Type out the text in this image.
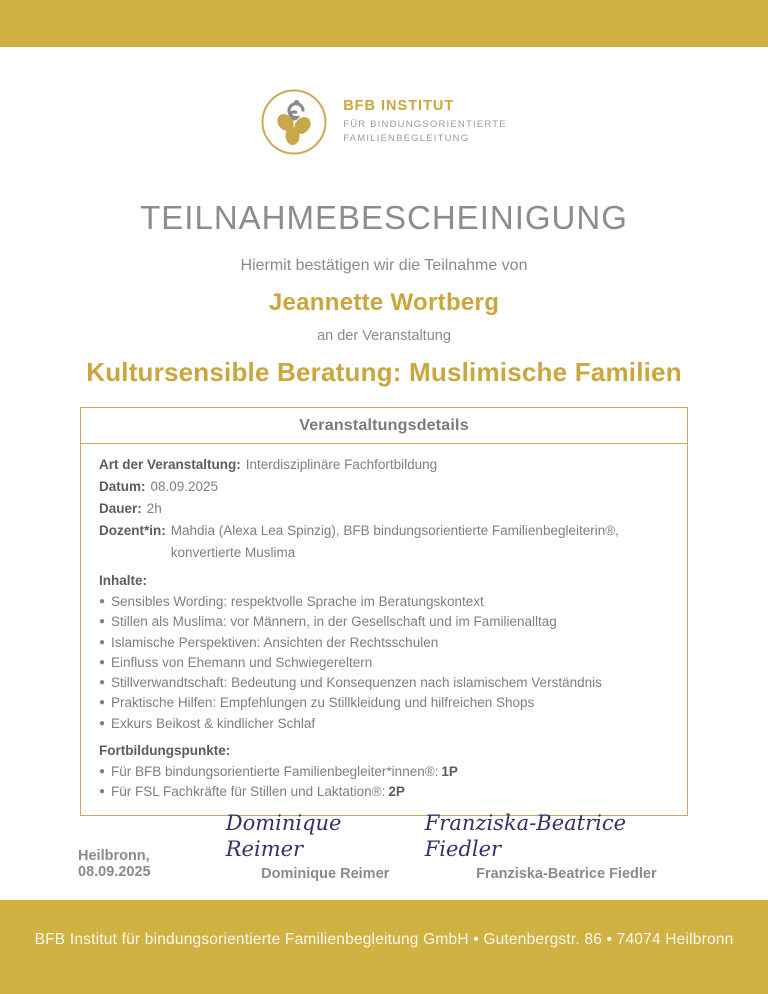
BFB INSTITUT
FÜR BINDUNGSORIENTIERTE
FAMILIENBEGLEITUNG
TEILNAHMEBESCHEINIGUNG
Hiermit bestätigen wir die Teilnahme von
Jeannette Wortberg
an der Veranstaltung
Kultursensible Beratung: Muslimische Familien
Veranstaltungsdetails
Art der Veranstaltung: Interdisziplinäre Fachfortbildung
Datum: 08.09.2025
Dauer: 2h
Dozent*in: Mahdia (Alexa Lea Spinzig), BFB bindungsorientierte Familienbegleiterin®, konvertierte Muslima
Inhalte:
● Sensibles Wording: respektvolle Sprache im Beratungskontext
● Stillen als Muslima: vor Männern, in der Gesellschaft und im Familienalltag
● Islamische Perspektiven: Ansichten der Rechtsschulen
● Einfluss von Ehemann und Schwiegereltern
● Stillverwandtschaft: Bedeutung und Konsequenzen nach islamischem Verständnis
● Praktische Hilfen: Empfehlungen zu Stillkleidung und hilfreichen Shops
● Exkurs Beikost & kindlicher Schlaf
Fortbildungspunkte:
● Für BFB bindungsorientierte Familienbegleiter*innen®: 1P
● Für FSL Fachkräfte für Stillen und Laktation®: 2P
Heilbronn, 08.09.2025
Dominique Reimer
Dominique Reimer
Franziska-Beatrice Fiedler
Franziska-Beatrice Fiedler
BFB Institut für bindungsorientierte Familienbegleitung GmbH • Gutenbergstr. 86 • 74074 Heilbronn
